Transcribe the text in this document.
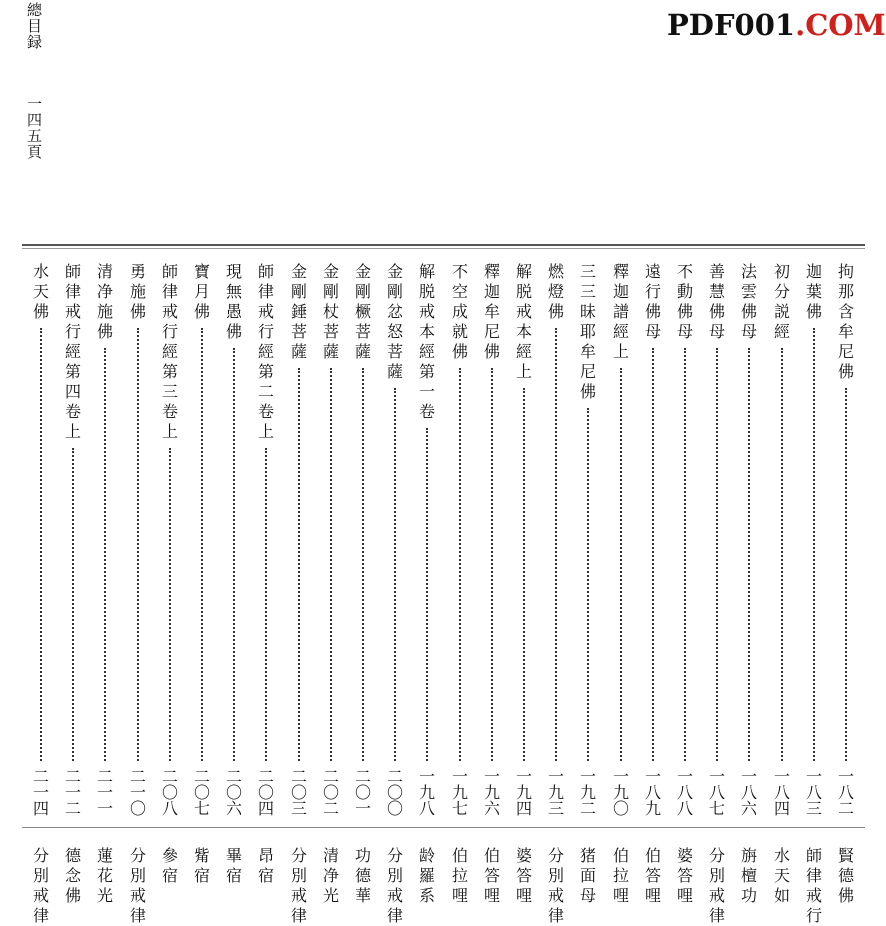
總目録
一四五頁
PDF001.COM
拘那含牟尼佛
一八二
迦葉佛
一八三
初分説經
一八四
法雲佛母
一八六
善慧佛母
一八七
不動佛母
一八八
遠行佛母
一八九
釋迦譜經上
一九〇
三三昧耶牟尼佛
一九二
燃燈佛
一九三
解脱戒本經上
一九四
釋迦牟尼佛
一九六
不空成就佛
一九七
解脱戒本經第一卷
一九八
金剛忿怒菩薩
二〇〇
金剛橛菩薩
二〇一
金剛杖菩薩
二〇二
金剛錘菩薩
二〇三
師律戒行經第二卷上
二〇四
現無愚佛
二〇六
寶月佛
二〇七
師律戒行經第三卷上
二〇八
勇施佛
二一〇
清净施佛
二一一
師律戒行經第四卷上
二一二
水天佛
二一四
賢德佛
師律戒行
水天如
旃檀功
分別戒律
婆答哩
伯答哩
伯拉哩
猪面母
分別戒律
婆答哩
伯答哩
伯拉哩
龄羅系
分別戒律
功德華
清净光
分別戒律
昂宿
畢宿
觜宿
參宿
分別戒律
蓮花光
德念佛
分別戒律
